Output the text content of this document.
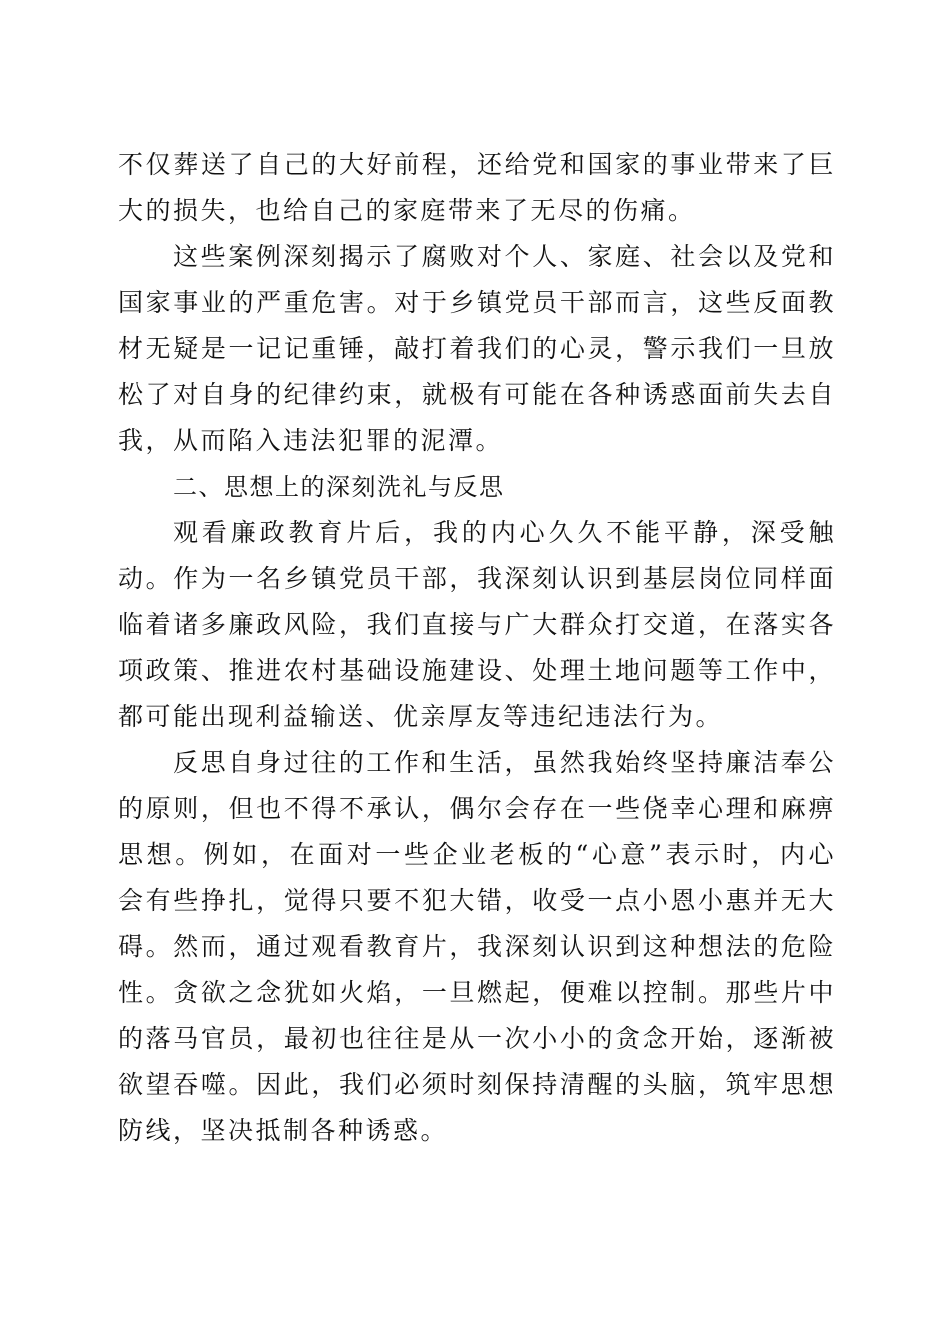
不仅葬送了自己的大好前程，还给党和国家的事业带来了巨大的损失，也给自己的家庭带来了无尽的伤痛。

这些案例深刻揭示了腐败对个人、家庭、社会以及党和国家事业的严重危害。对于乡镇党员干部而言，这些反面教材无疑是一记记重锤，敲打着我们的心灵，警示我们一旦放松了对自身的纪律约束，就极有可能在各种诱惑面前失去自我，从而陷入违法犯罪的泥潭。

二、思想上的深刻洗礼与反思

观看廉政教育片后，我的内心久久不能平静，深受触动。作为一名乡镇党员干部，我深刻认识到基层岗位同样面临着诸多廉政风险，我们直接与广大群众打交道，在落实各项政策、推进农村基础设施建设、处理土地问题等工作中，都可能出现利益输送、优亲厚友等违纪违法行为。

反思自身过往的工作和生活，虽然我始终坚持廉洁奉公的原则，但也不得不承认，偶尔会存在一些侥幸心理和麻痹思想。例如，在面对一些企业老板的“心意”表示时，内心会有些挣扎，觉得只要不犯大错，收受一点小恩小惠并无大碍。然而，通过观看教育片，我深刻认识到这种想法的危险性。贪欲之念犹如火焰，一旦燃起，便难以控制。那些片中的落马官员，最初也往往是从一次小小的贪念开始，逐渐被欲望吞噬。因此，我们必须时刻保持清醒的头脑，筑牢思想防线，坚决抵制各种诱惑。
